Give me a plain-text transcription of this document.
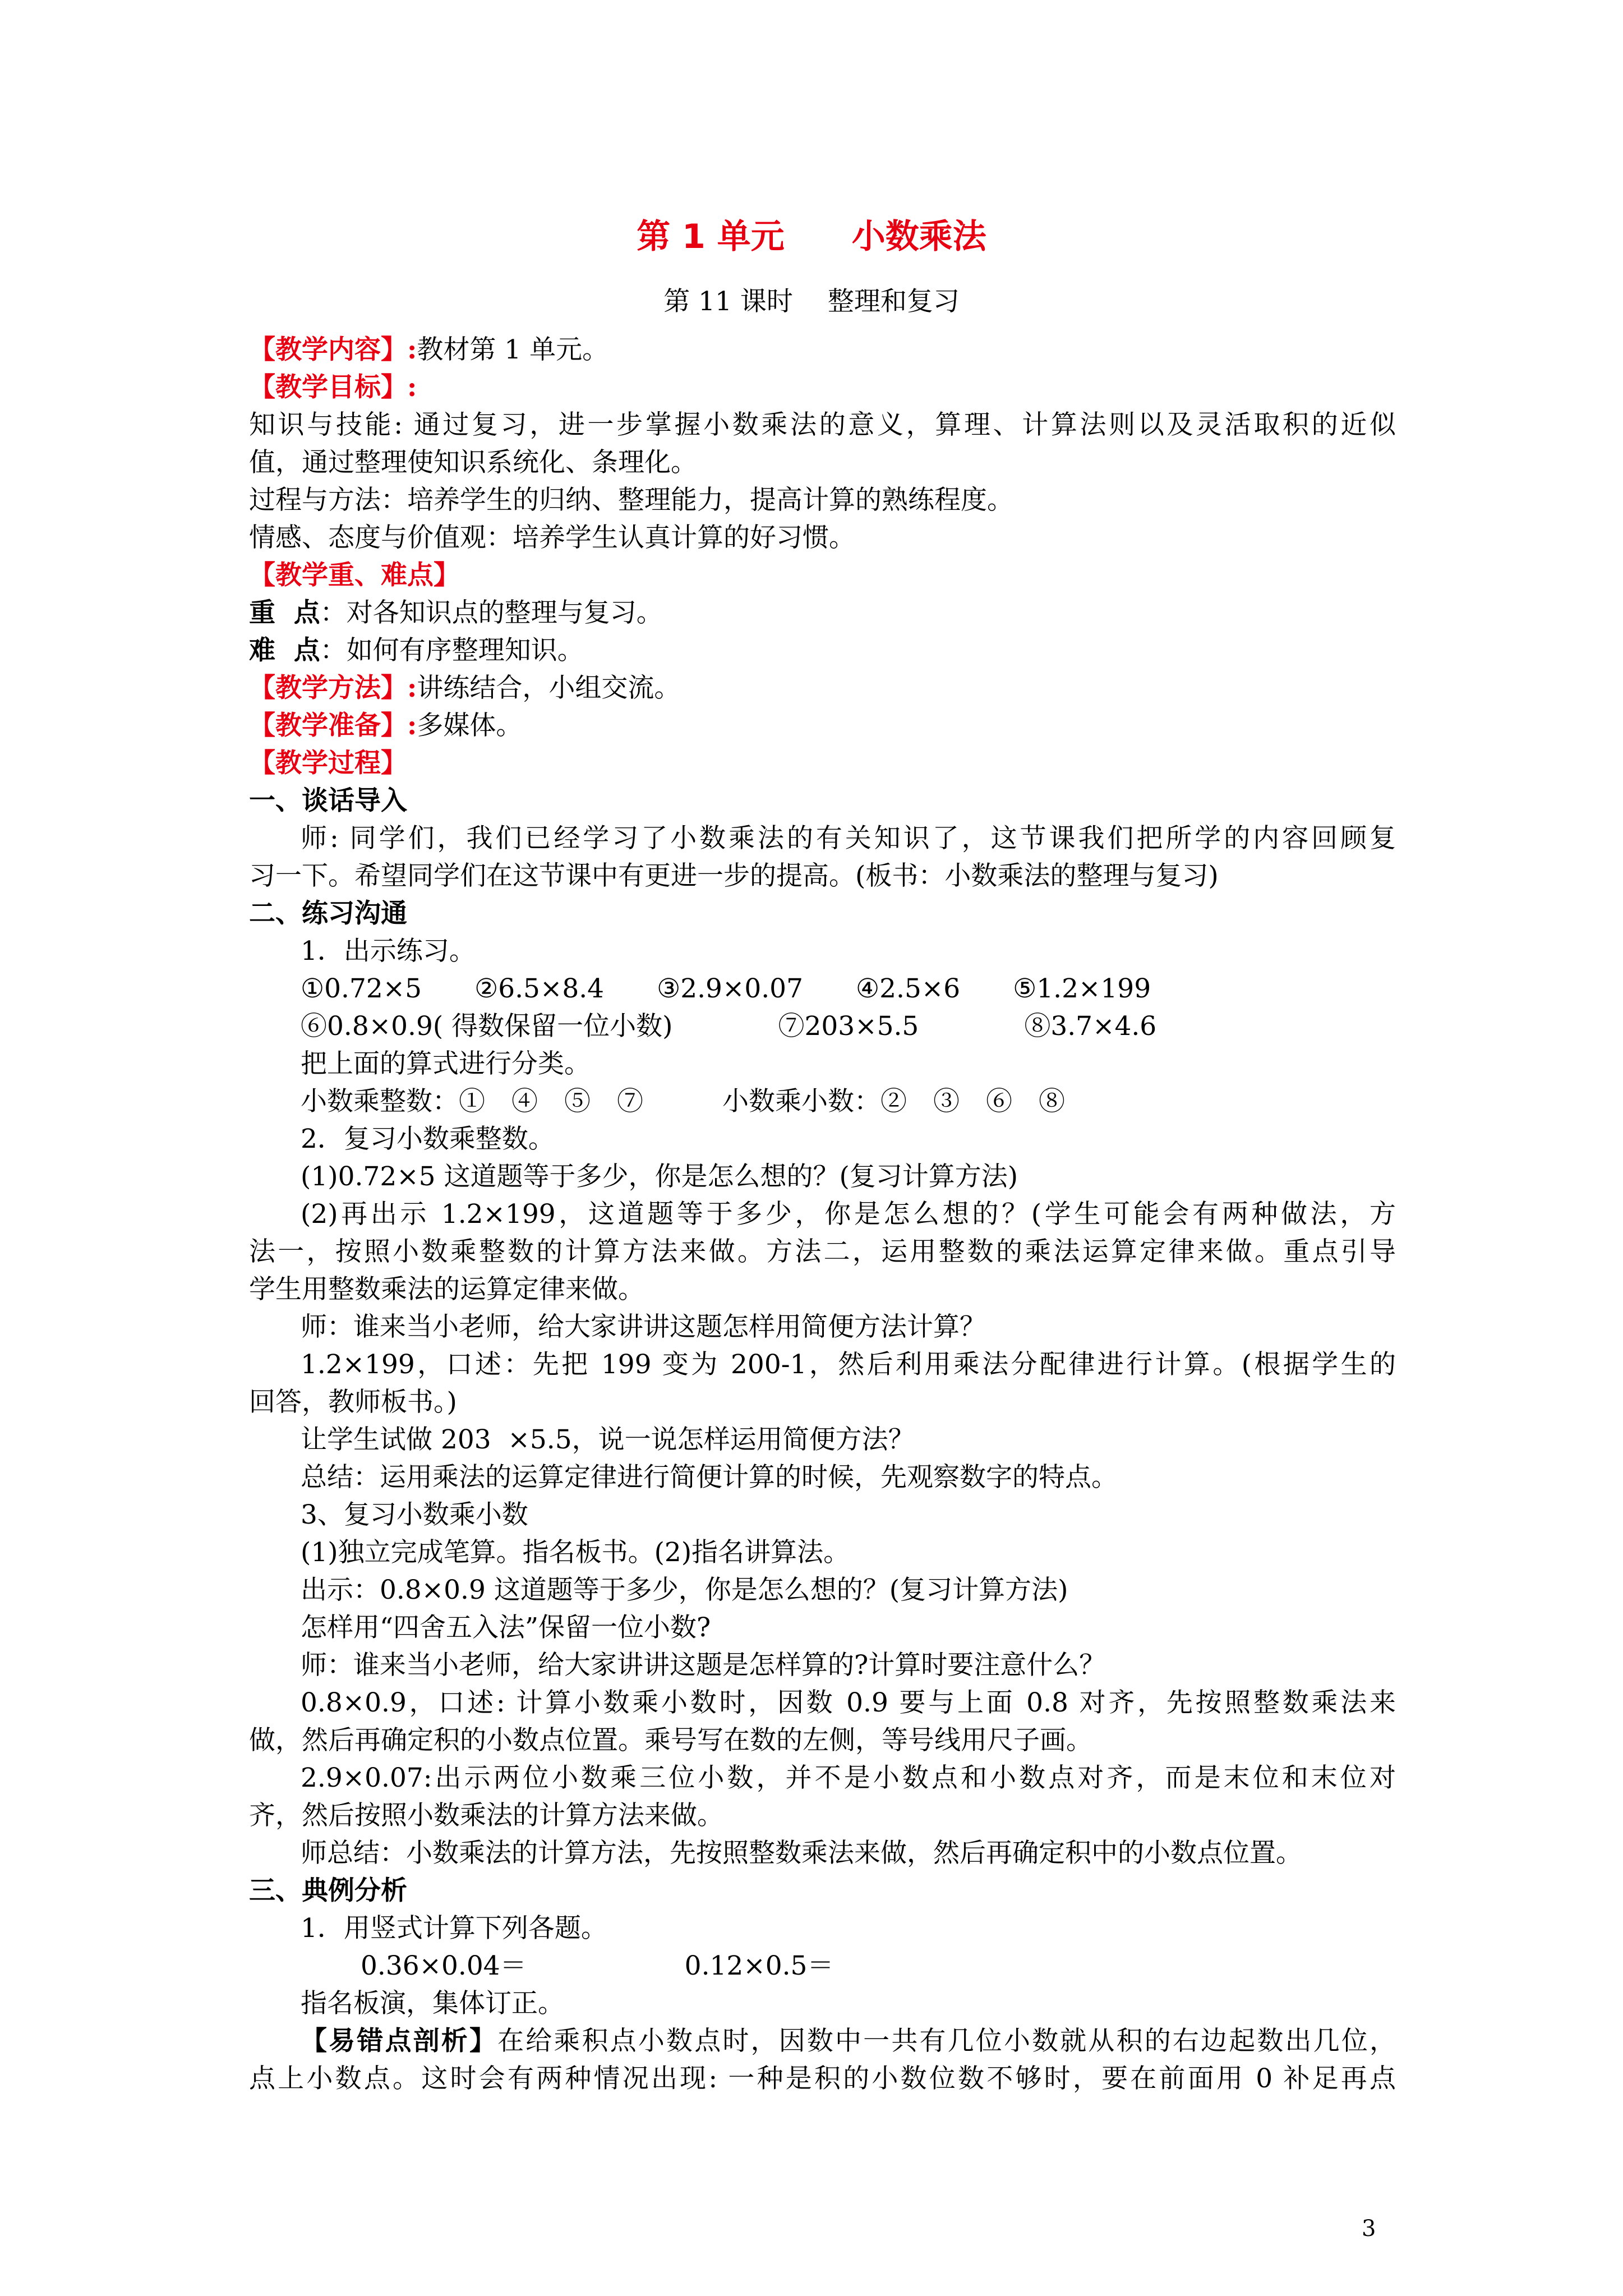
第 1 单元　　小数乘法
第 11 课时　 整理和复习
【教学内容】:教材第 1 单元。
【教学目标】:
知识与技能: 通过复习，进一步掌握小数乘法的意义，算理、计算法则以及灵活取积的近似
值，通过整理使知识系统化、条理化。
过程与方法：培养学生的归纳、整理能力，提高计算的熟练程度。
情感、态度与价值观：培养学生认真计算的好习惯。
【教学重、难点】
重  点：对各知识点的整理与复习。
难  点：如何有序整理知识。
【教学方法】:讲练结合，小组交流。
【教学准备】:多媒体。
【教学过程】
一、谈话导入
师: 同学们，我们已经学习了小数乘法的有关知识了，这节课我们把所学的内容回顾复
习一下。希望同学们在这节课中有更进一步的提高。(板书：小数乘法的整理与复习)
二、练习沟通
1．出示练习。
①0.72×5　　②6.5×8.4　　③2.9×0.07　　④2.5×6　　⑤1.2×199
⑥0.8×0.9( 得数保留一位小数)　　　　⑦203×5.5　　　　⑧3.7×4.6
把上面的算式进行分类。
小数乘整数：①　④　⑤　⑦　　　小数乘小数：②　③　⑥　⑧
2．复习小数乘整数。
(1)0.72×5 这道题等于多少，你是怎么想的？(复习计算方法)
(2)再出示 1.2×199，这道题等于多少，你是怎么想的？(学生可能会有两种做法，方
法一，按照小数乘整数的计算方法来做。方法二，运用整数的乘法运算定律来做。重点引导
学生用整数乘法的运算定律来做。
师：谁来当小老师，给大家讲讲这题怎样用简便方法计算？
1.2×199，口述：先把 199 变为 200-1，然后利用乘法分配律进行计算。(根据学生的
回答，教师板书。)
让学生试做 203  ×5.5，说一说怎样运用简便方法？
总结：运用乘法的运算定律进行简便计算的时候，先观察数字的特点。
3、复习小数乘小数
(1)独立完成笔算。指名板书。(2)指名讲算法。
出示：0.8×0.9 这道题等于多少，你是怎么想的？(复习计算方法)
怎样用“四舍五入法”保留一位小数?
师：谁来当小老师，给大家讲讲这题是怎样算的?计算时要注意什么？
0.8×0.9，口述: 计算小数乘小数时，因数 0.9 要与上面 0.8 对齐，先按照整数乘法来
做，然后再确定积的小数点位置。乘号写在数的左侧，等号线用尺子画。
2.9×0.07:出示两位小数乘三位小数，并不是小数点和小数点对齐，而是末位和末位对
齐，然后按照小数乘法的计算方法来做。
师总结：小数乘法的计算方法，先按照整数乘法来做，然后再确定积中的小数点位置。
三、典例分析
1．用竖式计算下列各题。
0.36×0.04＝　　　　　　0.12×0.5＝
指名板演，集体订正。
【易错点剖析】在给乘积点小数点时，因数中一共有几位小数就从积的右边起数出几位，
点上小数点。这时会有两种情况出现: 一种是积的小数位数不够时，要在前面用 0 补足再点
3
